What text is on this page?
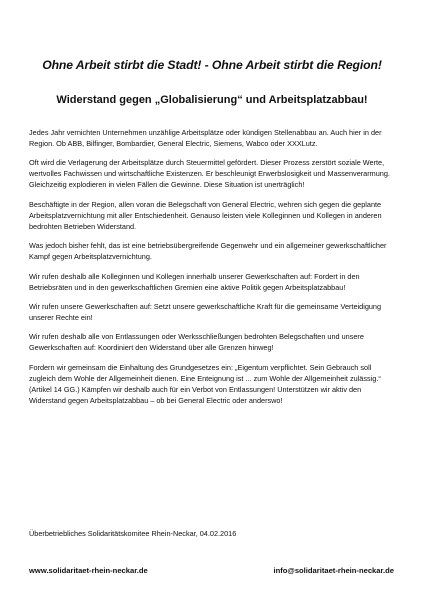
Ohne Arbeit stirbt die Stadt! - Ohne Arbeit stirbt die Region!
Widerstand gegen „Globalisierung“ und Arbeitsplatzabbau!

Jedes Jahr vernichten Unternehmen unzählige Arbeitsplätze oder kündigen Stellenabbau an. Auch hier in der Region. Ob ABB, Bilfinger, Bombardier, General Electric, Siemens, Wabco oder XXXLutz.

Oft wird die Verlagerung der Arbeitsplätze durch Steuermittel gefördert. Dieser Prozess zerstört soziale Werte, wertvolles Fachwissen und wirtschaftliche Existenzen. Er beschleunigt Erwerbslosigkeit und Massenverarmung. Gleichzeitig explodieren in vielen Fällen die Gewinne. Diese Situation ist unerträglich!

Beschäftigte in der Region, allen voran die Belegschaft von General Electric, wehren sich gegen die geplante Arbeitsplatzvernichtung mit aller Entschiedenheit. Genauso leisten viele Kolleginnen und Kollegen in anderen bedrohten Betrieben Widerstand.

Was jedoch bisher fehlt, das ist eine betriebsübergreifende Gegenwehr und ein allgemeiner gewerkschaftlicher Kampf gegen Arbeitsplatzvernichtung.

Wir rufen deshalb alle Kolleginnen und Kollegen innerhalb unserer Gewerkschaften auf: Fordert in den Betriebsräten und in den gewerkschaftlichen Gremien eine aktive Politik gegen Arbeitsplatzabbau!

Wir rufen unsere Gewerkschaften auf: Setzt unsere gewerkschaftliche Kraft für die gemeinsame Verteidigung unserer Rechte ein!

Wir rufen deshalb alle von Entlassungen oder Werksschließungen bedrohten Belegschaften und unsere Gewerkschaften auf: Koordiniert den Widerstand über alle Grenzen hinweg!

Fordern wir gemeinsam die Einhaltung des Grundgesetzes ein: „Eigentum verpflichtet. Sein Gebrauch soll zugleich dem Wohle der Allgemeinheit dienen. Eine Enteignung ist ... zum Wohle der Allgemeinheit zulässig.“ (Artikel 14 GG.) Kämpfen wir deshalb auch für ein Verbot von Entlassungen! Unterstützen wir aktiv den Widerstand gegen Arbeitsplatzabbau – ob bei General Electric oder anderswo!

Überbetriebliches Solidaritätskomitee Rhein-Neckar, 04.02.2016
www.solidaritaet-rhein-neckar.de	info@solidaritaet-rhein-neckar.de
